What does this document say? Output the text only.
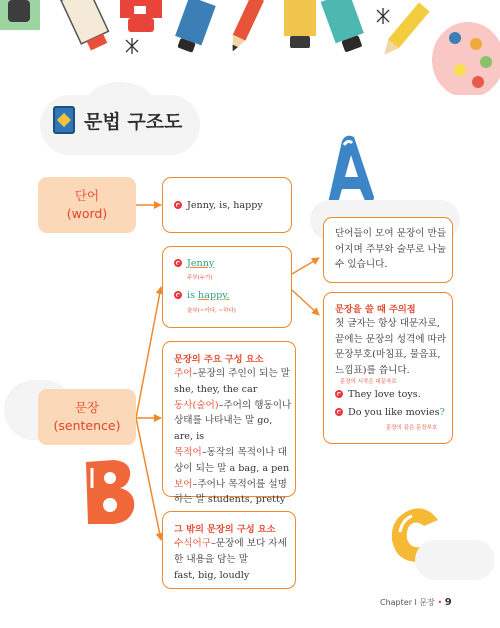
문법 구조도
단어
(word)
문장
(sentence)
Jenny, is, happy
Jenny
주부(누가)
is happy.
술부(~이다, ~하다)
문장의 주요 구성 요소
주어–문장의 주인이 되는 말 she, they, the car
동사(술어)–주어의 행동이나 상태를 나타내는 말 go, are, is
목적어–동작의 목적이나 대상이 되는 말 a bag, a pen
보어–주어나 목적어를 설명하는 말 students, pretty
그 밖의 문장의 구성 요소
수식어구–문장에 보다 자세한 내용을 담는 말
fast, big, loudly
단어들이 모여 문장이 만들어지며 주부와 술부로 나눌 수 있습니다.
문장을 쓸 때 주의점
첫 글자는 항상 대문자로, 끝에는 문장의 성격에 따라 문장부호(마침표, 물음표, 느낌표)를 씁니다.
문장의 시작은 대문자로
They love toys.
Do you like movies?
문장의 끝은 문장부호
Chapter Ⅰ 문장 • 9
